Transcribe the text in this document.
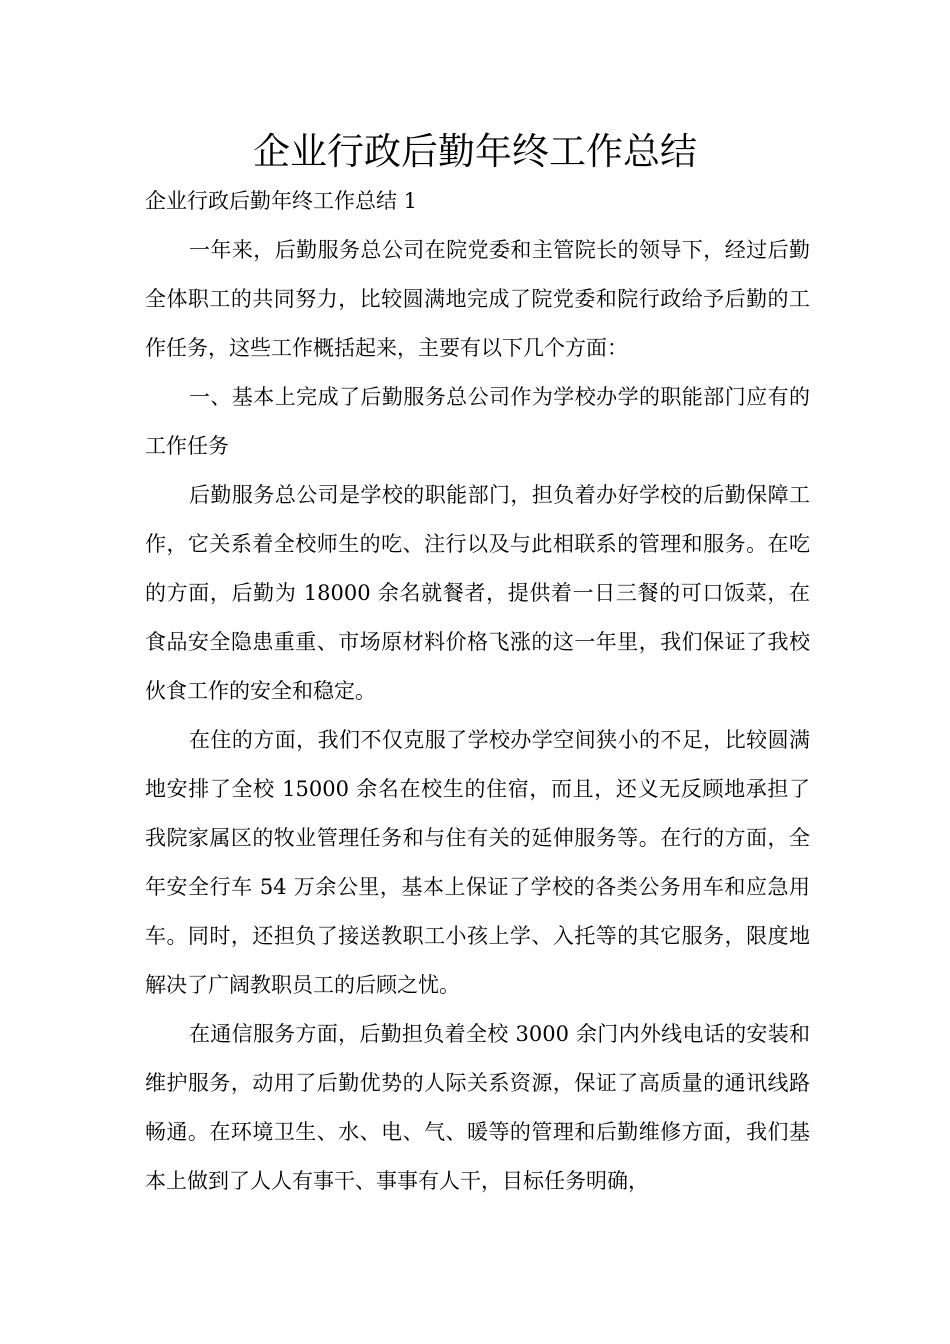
企业行政后勤年终工作总结

企业行政后勤年终工作总结 1

一年来，后勤服务总公司在院党委和主管院长的领导下，经过后勤全体职工的共同努力，比较圆满地完成了院党委和院行政给予后勤的工作任务，这些工作概括起来，主要有以下几个方面：

一、基本上完成了后勤服务总公司作为学校办学的职能部门应有的工作任务

后勤服务总公司是学校的职能部门，担负着办好学校的后勤保障工作，它关系着全校师生的吃、注行以及与此相联系的管理和服务。在吃的方面，后勤为 18000 余名就餐者，提供着一日三餐的可口饭菜，在食品安全隐患重重、市场原材料价格飞涨的这一年里，我们保证了我校伙食工作的安全和稳定。

在住的方面，我们不仅克服了学校办学空间狭小的不足，比较圆满地安排了全校 15000 余名在校生的住宿，而且，还义无反顾地承担了我院家属区的牧业管理任务和与住有关的延伸服务等。在行的方面，全年安全行车 54 万余公里，基本上保证了学校的各类公务用车和应急用车。同时，还担负了接送教职工小孩上学、入托等的其它服务，限度地解决了广阔教职员工的后顾之忧。

在通信服务方面，后勤担负着全校 3000 余门内外线电话的安装和维护服务，动用了后勤优势的人际关系资源，保证了高质量的通讯线路畅通。在环境卫生、水、电、气、暖等的管理和后勤维修方面，我们基本上做到了人人有事干、事事有人干，目标任务明确，
